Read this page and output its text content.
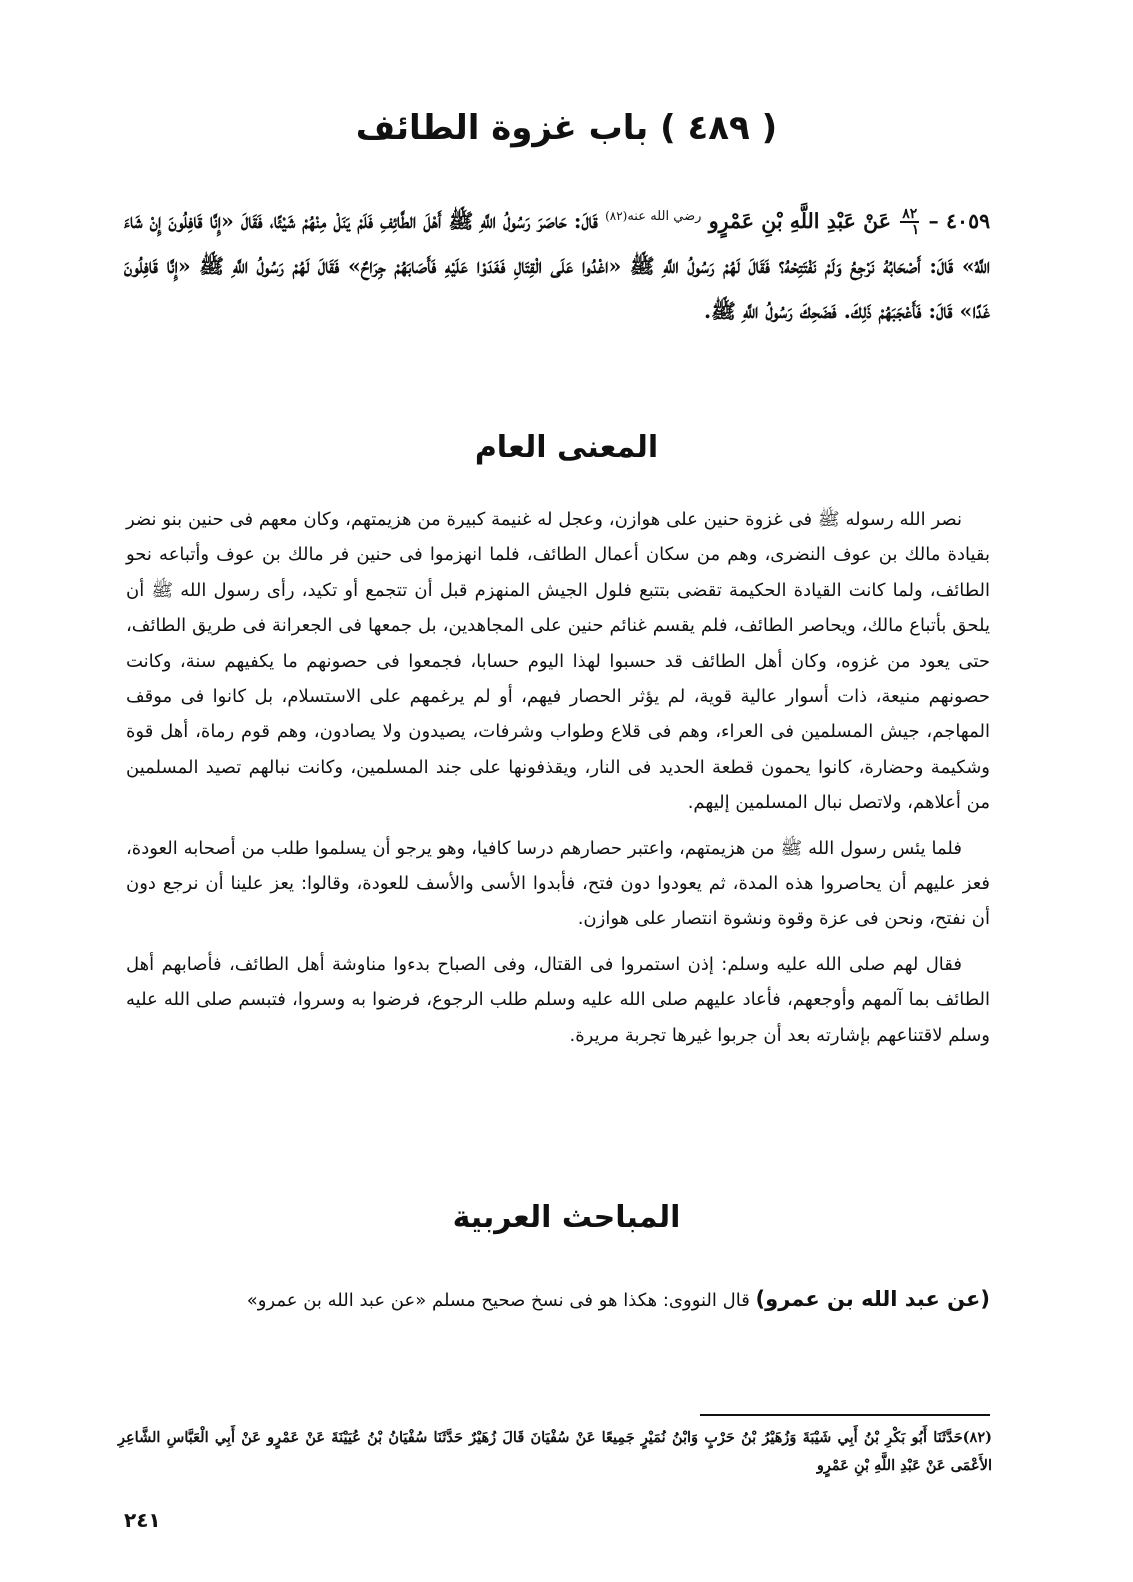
( ٤٨٩ ) باب غزوة الطائف
٤٠٥٩ –
$\frac{٨٢}{١}$
عَنْ عَبْدِ اللَّهِ بْنِ عَمْرٍو $^{رضي الله عنه(٨٢)}$ قَالَ: حَاصَرَ رَسُولُ اللَّهِ ﷺ أَهْلَ الطَّائِفِ فَلَمْ يَنَلْ مِنْهُمْ شَيْئًا، فَقَالَ «إِنَّا قَافِلُونَ إِنْ شَاءَ اللَّهُ» قَالَ: أَصْحَابُهُ نَرْجِعُ وَلَمْ نَفْتَتِحْهُ؟ فَقَالَ لَهُمْ رَسُولُ اللَّهِ ﷺ «اغْدُوا عَلَى الْقِتَالِ فَغَدَوْا عَلَيْهِ فَأَصَابَهُمْ جِرَاحٌ» فَقَالَ لَهُمْ رَسُولُ اللَّهِ ﷺ «إِنَّا قَافِلُونَ غَدًا» قَالَ: فَأَعْجَبَهُمْ ذَلِكَ. فَضَحِكَ رَسُولُ اللَّهِ ﷺ.
المعنى العام

نصر الله رسوله ﷺ فى غزوة حنين على هوازن، وعجل له غنيمة كبيرة من هزيمتهم، وكان معهم فى حنين بنو نضر بقيادة مالك بن عوف النضرى، وهم من سكان أعمال الطائف، فلما انهزموا فى حنين فر مالك بن عوف وأتباعه نحو الطائف، ولما كانت القيادة الحكيمة تقضى بتتبع فلول الجيش المنهزم قبل أن تتجمع أو تكيد، رأى رسول الله ﷺ أن يلحق بأتباع مالك، ويحاصر الطائف، فلم يقسم غنائم حنين على المجاهدين، بل جمعها فى الجعرانة فى طريق الطائف، حتى يعود من غزوه، وكان أهل الطائف قد حسبوا لهذا اليوم حسابا، فجمعوا فى حصونهم ما يكفيهم سنة، وكانت حصونهم منيعة، ذات أسوار عالية قوية، لم يؤثر الحصار فيهم، أو لم يرغمهم على الاستسلام، بل كانوا فى موقف المهاجم، جيش المسلمين فى العراء، وهم فى قلاع وطواب وشرفات، يصيدون ولا يصادون، وهم قوم رماة، أهل قوة وشكيمة وحضارة، كانوا يحمون قطعة الحديد فى النار، ويقذفونها على جند المسلمين، وكانت نبالهم تصيد المسلمين من أعلاهم، ولاتصل نبال المسلمين إليهم.

فلما يئس رسول الله ﷺ من هزيمتهم، واعتبر حصارهم درسا كافيا، وهو يرجو أن يسلموا طلب من أصحابه العودة، فعز عليهم أن يحاصروا هذه المدة، ثم يعودوا دون فتح، فأبدوا الأسى والأسف للعودة، وقالوا: يعز علينا أن نرجع دون أن نفتح، ونحن فى عزة وقوة ونشوة انتصار على هوازن.

فقال لهم صلى الله عليه وسلم: إذن استمروا فى القتال، وفى الصباح بدءوا مناوشة أهل الطائف، فأصابهم أهل الطائف بما آلمهم وأوجعهم، فأعاد عليهم صلى الله عليه وسلم طلب الرجوع، فرضوا به وسروا، فتبسم صلى الله عليه وسلم لاقتناعهم بإشارته بعد أن جربوا غيرها تجربة مريرة.

المباحث العربية
(عن عبد الله بن عمرو) قال النووى: هكذا هو فى نسخ صحيح مسلم «عن عبد الله بن عمرو»
(٨٢)حَدَّثَنَا أَبُو بَكْرِ بْنُ أَبِي شَيْبَةَ وَزُهَيْرُ بْنُ حَرْبٍ وَابْنُ نُمَيْرٍ جَمِيعًا عَنْ سُفْيَانَ قَالَ زُهَيْرٌ حَدَّثَنَا سُفْيَانُ بْنُ عُيَيْنَةَ عَنْ عَمْرٍو عَنْ أَبِي الْعَبَّاسِ الشَّاعِرِ الأَعْمَى عَنْ عَبْدِ اللَّهِ بْنِ عَمْرٍو
٢٤١
